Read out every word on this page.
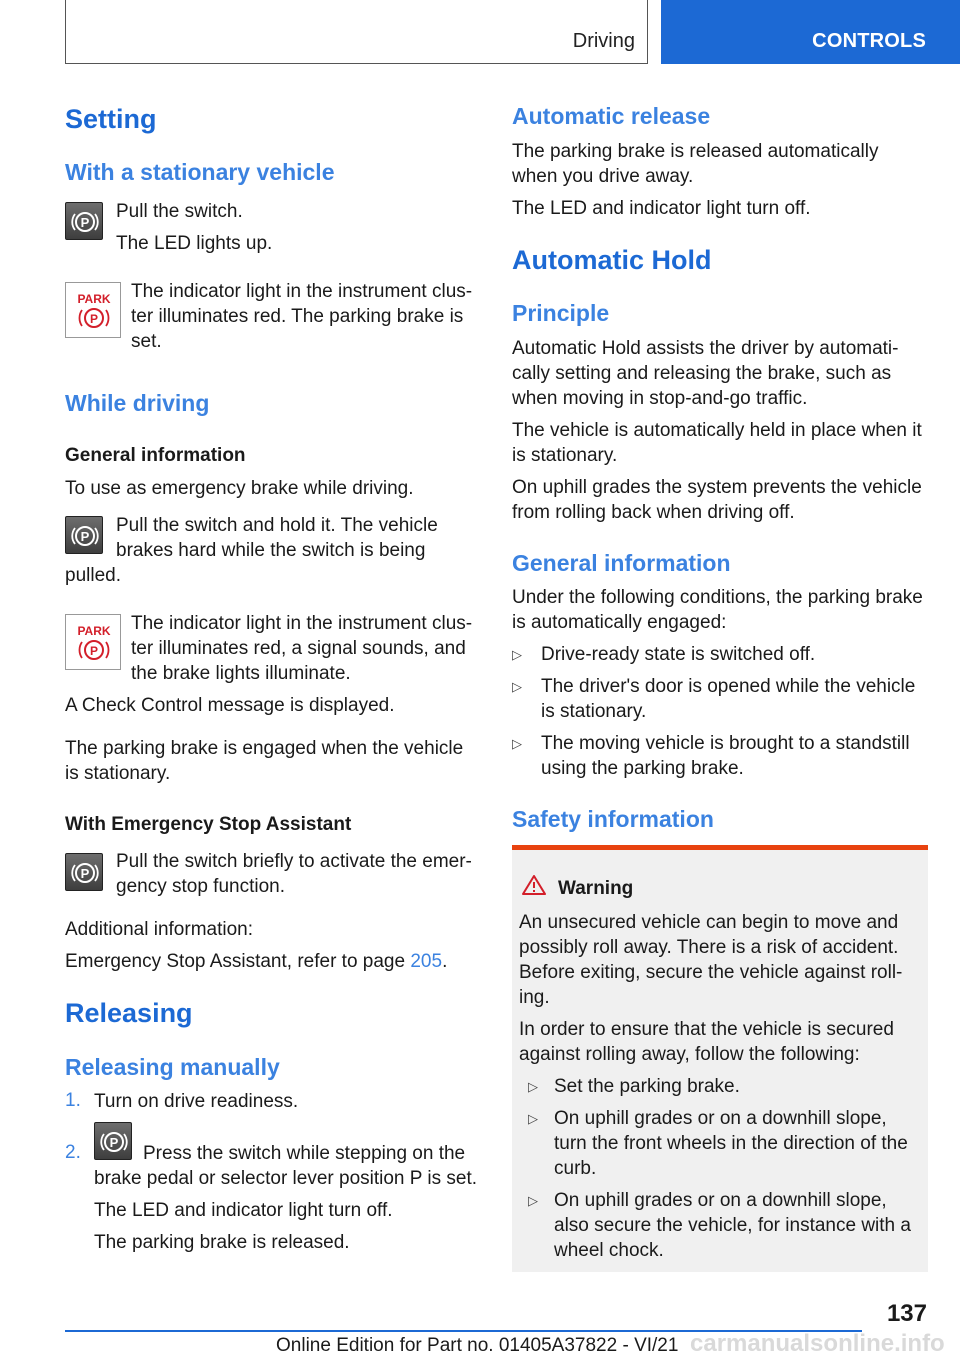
Driving	CONTROLS
Setting
With a stationary vehicle
P

Pull the switch.

The LED lights up.

PARK
P

The indicator light in the instrument clus‐

ter illuminates red. The parking brake is

set.

While driving
General information

To use as emergency brake while driving.

P

Pull the switch and hold it. The vehicle

brakes hard while the switch is being

pulled.

PARK
P

The indicator light in the instrument clus‐

ter illuminates red, a signal sounds, and

the brake lights illuminate.

A Check Control message is displayed.

The parking brake is engaged when the vehicle

is stationary.

With Emergency Stop Assistant
P

Pull the switch briefly to activate the emer‐

gency stop function.

Additional information:

Emergency Stop Assistant, refer to page 205.

Releasing
Releasing manually
1. Turn on drive readiness.

2. P

Press the switch while stepping on the

brake pedal or selector lever position P is set.

The LED and indicator light turn off.

The parking brake is released.

Automatic release

The parking brake is released automatically

when you drive away.

The LED and indicator light turn off.

Automatic Hold
Principle

Automatic Hold assists the driver by automati‐

cally setting and releasing the brake, such as

when moving in stop-and-go traffic.

The vehicle is automatically held in place when it

is stationary.

On uphill grades the system prevents the vehicle

from rolling back when driving off.

General information

Under the following conditions, the parking brake

is automatically engaged:

▷ Drive-ready state is switched off.

▷ The driver's door is opened while the vehicle

is stationary.

▷ The moving vehicle is brought to a standstill

using the parking brake.

Safety information

Warning

An unsecured vehicle can begin to move and

possibly roll away. There is a risk of accident.

Before exiting, secure the vehicle against roll‐

ing.

In order to ensure that the vehicle is secured

against rolling away, follow the following:

▷ Set the parking brake.

▷ On uphill grades or on a downhill slope,

turn the front wheels in the direction of the

curb.

▷ On uphill grades or on a downhill slope,

also secure the vehicle, for instance with a

wheel chock.

137
carmanualsonline.info
Online Edition for Part no. 01405A37822 - VI/21
